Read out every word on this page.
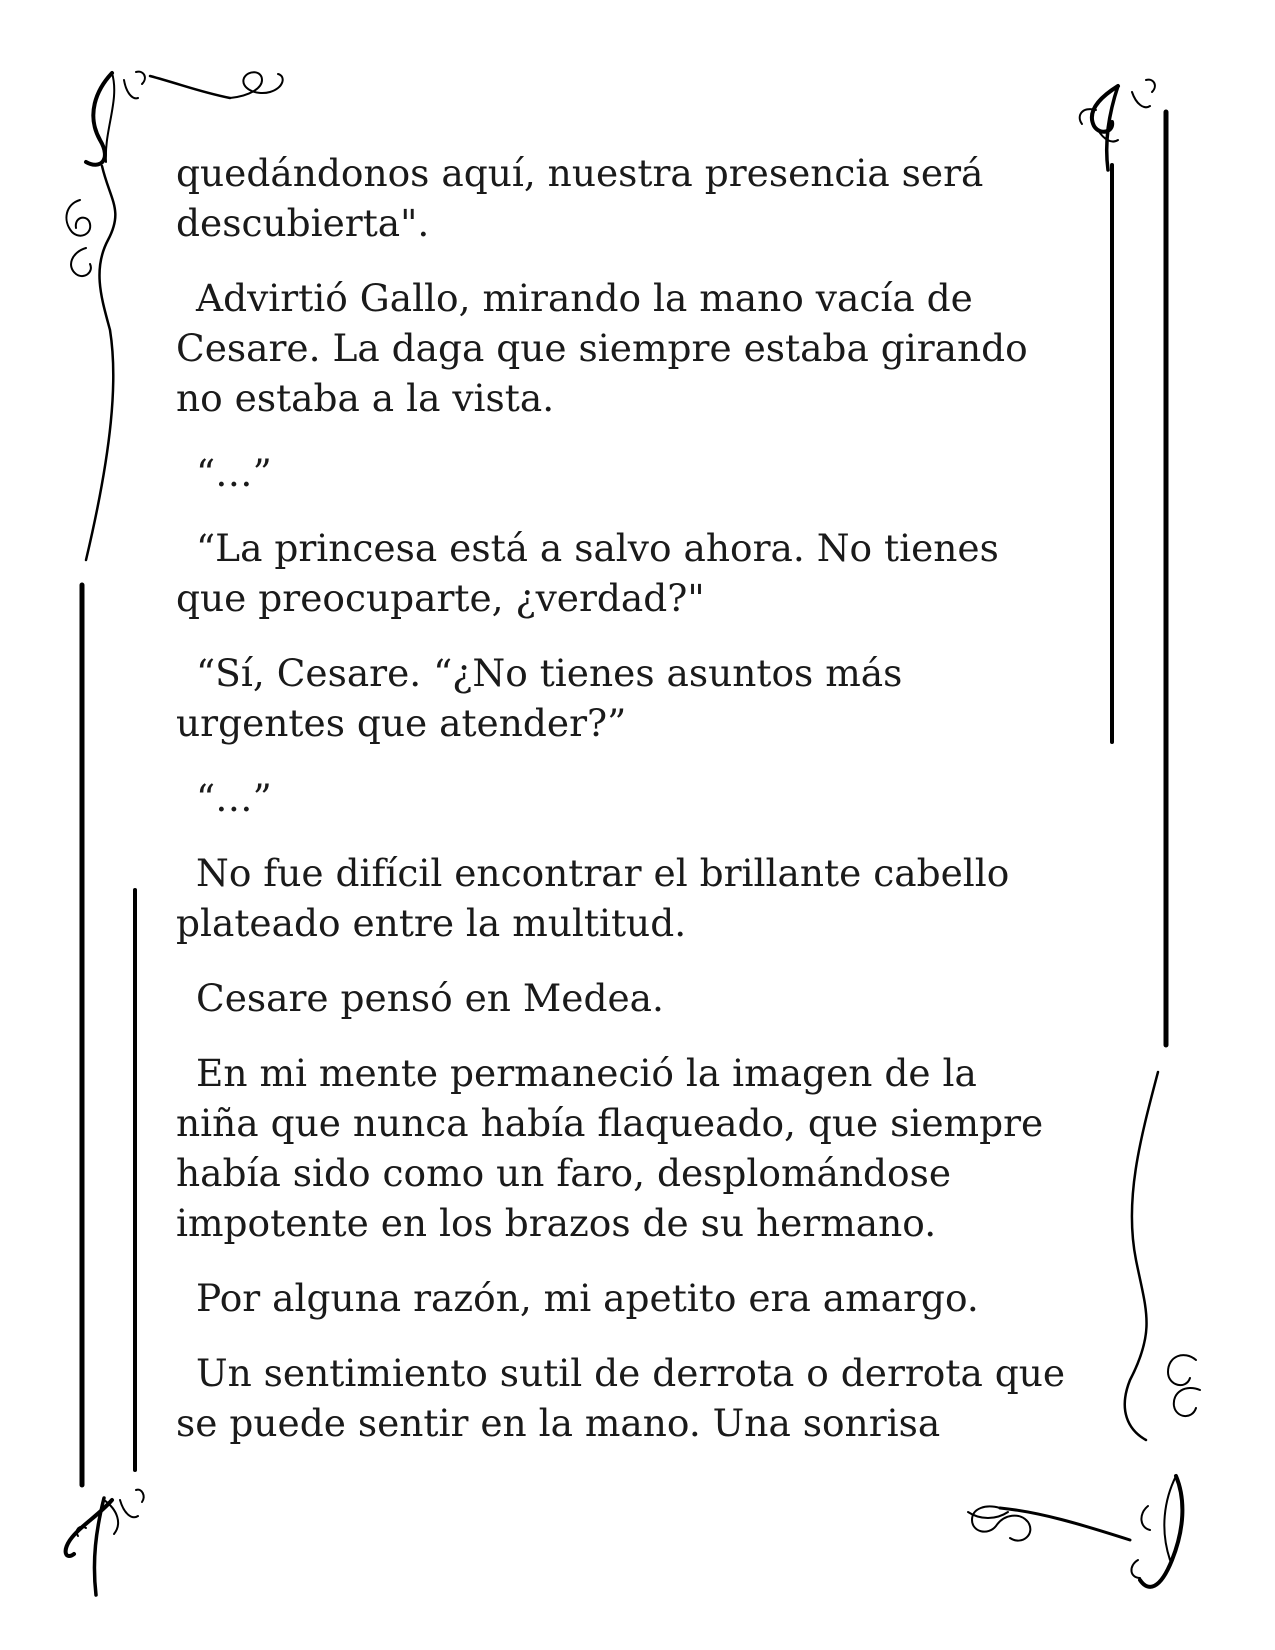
quedándonos aquí, nuestra presencia será
descubierta".

Advirtió Gallo, mirando la mano vacía de
Cesare. La daga que siempre estaba girando
no estaba a la vista.

“…”

“La princesa está a salvo ahora. No tienes
que preocuparte, ¿verdad?"

“Sí, Cesare. “¿No tienes asuntos más
urgentes que atender?”

“…”

No fue difícil encontrar el brillante cabello
plateado entre la multitud.

Cesare pensó en Medea.

En mi mente permaneció la imagen de la
niña que nunca había flaqueado, que siempre
había sido como un faro, desplomándose
impotente en los brazos de su hermano.

Por alguna razón, mi apetito era amargo.

Un sentimiento sutil de derrota o derrota que
se puede sentir en la mano. Una sonrisa
